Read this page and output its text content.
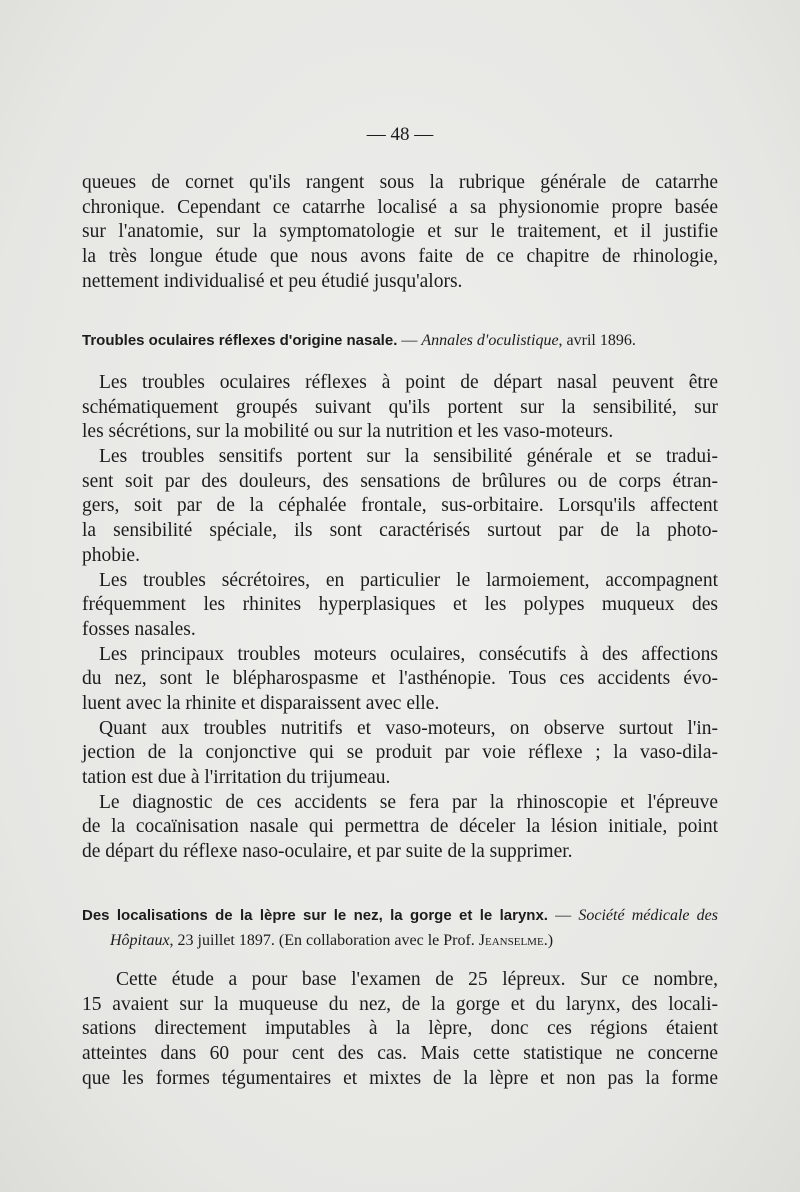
— 48 —
queues de cornet qu'ils rangent sous la rubrique générale de catarrhe
chronique. Cependant ce catarrhe localisé a sa physionomie propre basée
sur l'anatomie, sur la symptomatologie et sur le traitement, et il justifie
la très longue étude que nous avons faite de ce chapitre de rhinologie,
nettement individualisé et peu étudié jusqu'alors.
Troubles oculaires réflexes d'origine nasale. — Annales d'oculistique, avril 1896.
Les troubles oculaires réflexes à point de départ nasal peuvent être
schématiquement groupés suivant qu'ils portent sur la sensibilité, sur
les sécrétions, sur la mobilité ou sur la nutrition et les vaso-moteurs.
Les troubles sensitifs portent sur la sensibilité générale et se tradui-
sent soit par des douleurs, des sensations de brûlures ou de corps étran-
gers, soit par de la céphalée frontale, sus-orbitaire. Lorsqu'ils affectent
la sensibilité spéciale, ils sont caractérisés surtout par de la photo-
phobie.
Les troubles sécrétoires, en particulier le larmoiement, accompagnent
fréquemment les rhinites hyperplasiques et les polypes muqueux des
fosses nasales.
Les principaux troubles moteurs oculaires, consécutifs à des affections
du nez, sont le blépharospasme et l'asthénopie. Tous ces accidents évo-
luent avec la rhinite et disparaissent avec elle.
Quant aux troubles nutritifs et vaso-moteurs, on observe surtout l'in-
jection de la conjonctive qui se produit par voie réflexe ; la vaso-dila-
tation est due à l'irritation du trijumeau.
Le diagnostic de ces accidents se fera par la rhinoscopie et l'épreuve
de la cocaïnisation nasale qui permettra de déceler la lésion initiale, point
de départ du réflexe naso-oculaire, et par suite de la supprimer.
Des localisations de la lèpre sur le nez, la gorge et le larynx. — Société médicale des
Hôpitaux, 23 juillet 1897. (En collaboration avec le Prof. Jeanselme.)
Cette étude a pour base l'examen de 25 lépreux. Sur ce nombre,
15 avaient sur la muqueuse du nez, de la gorge et du larynx, des locali-
sations directement imputables à la lèpre, donc ces régions étaient
atteintes dans 60 pour cent des cas. Mais cette statistique ne concerne
que les formes tégumentaires et mixtes de la lèpre et non pas la forme
